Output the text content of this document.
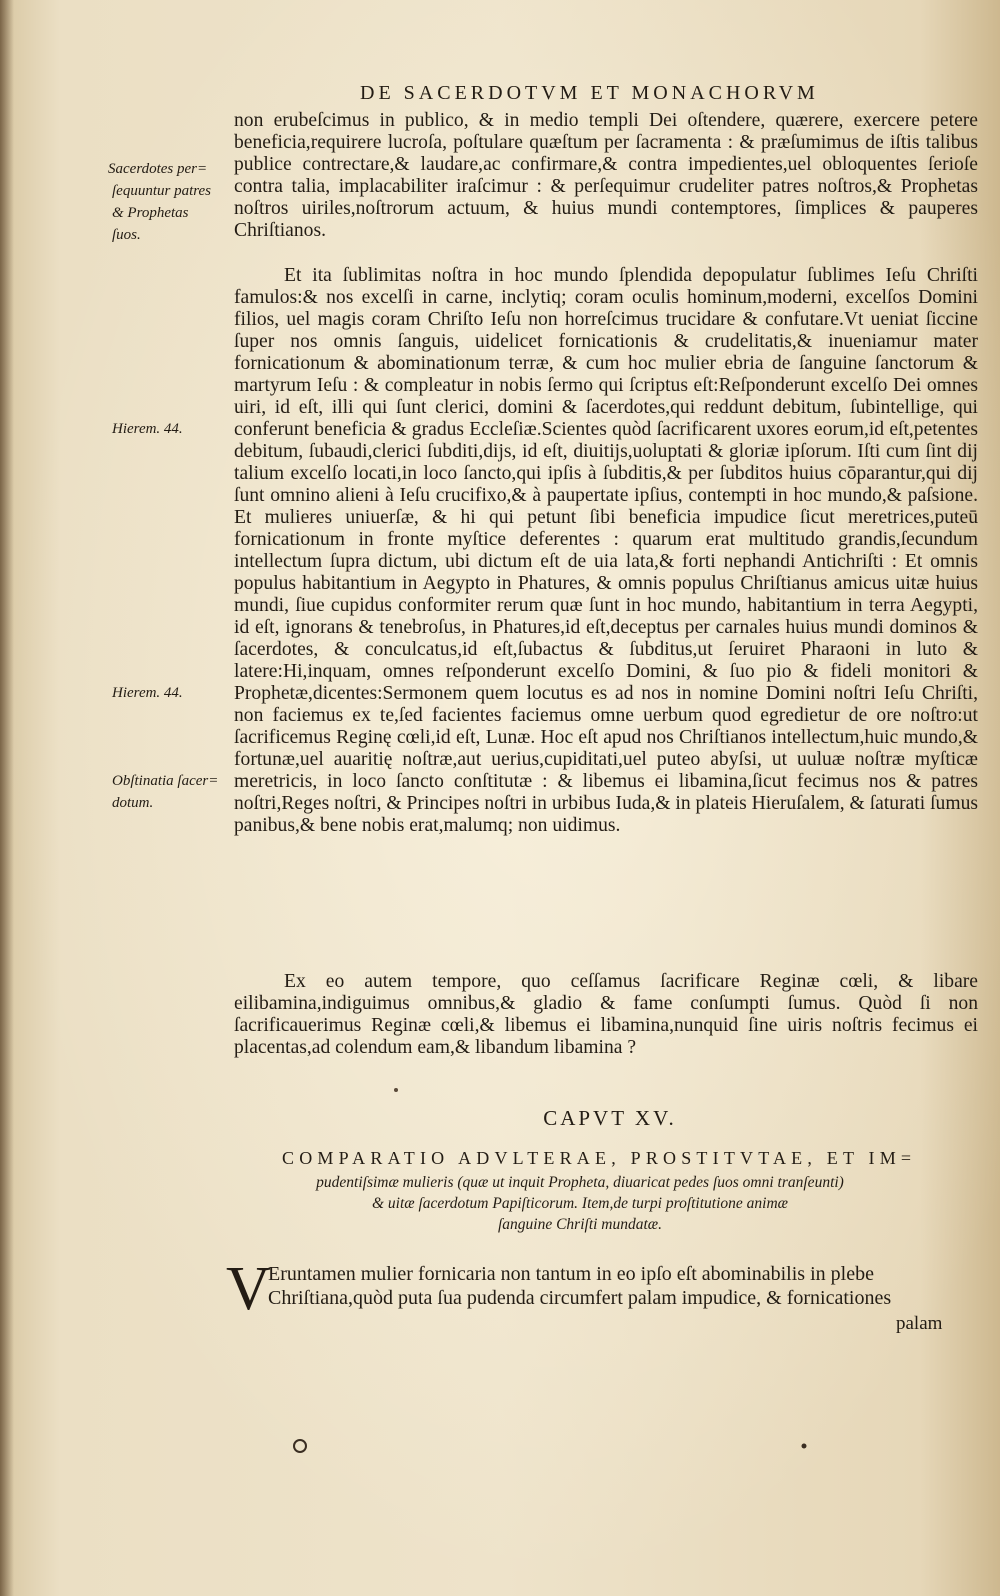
DE SACERDOTVM ET MONACHORVM

non erubeſcimus in publico, & in medio templi Dei oſtendere, quærere, exercere petere beneficia,requirere lucroſa, poſtulare quæſtum per ſacramenta : & præſumimus de iſtis talibus publice contrectare,& laudare,ac confirmare,& contra impedientes,uel obloquentes ſerioſe contra talia, implacabiliter iraſcimur : & perſequimur crudeliter patres noſtros,& Prophetas noſtros uiriles,noſtrorum actuum, & huius mundi contemptores, ſimplices & pauperes Chriſtianos.

Et ita ſublimitas noſtra in hoc mundo ſplendida depopulatur ſublimes Ieſu Chriſti famulos:& nos excelſi in carne, inclytiq; coram oculis hominum,moderni, excelſos Domini filios, uel magis coram Chriſto Ieſu non horreſcimus trucidare & confutare.Vt ueniat ſiccine ſuper nos omnis ſanguis, uidelicet fornicationis & crudelitatis,& inueniamur mater fornicationum & abominationum terræ, & cum hoc mulier ebria de ſanguine ſanctorum & martyrum Ieſu : & compleatur in nobis ſermo qui ſcriptus eſt:Reſponderunt excelſo Dei omnes uiri, id eſt, illi qui ſunt clerici, domini & ſacerdotes,qui reddunt debitum, ſubintellige, qui conferunt beneficia & gradus Eccleſiæ.Scientes quòd ſacrificarent uxores eorum,id eſt,petentes debitum, ſubaudi,clerici ſubditi,dijs, id eſt, diuitijs,uoluptati & gloriæ ipſorum. Iſti cum ſint dij talium excelſo locati,in loco ſancto,qui ipſis à ſubditis,& per ſubditos huius cōparantur,qui dij ſunt omnino alieni à Ieſu crucifixo,& à paupertate ipſius, contempti in hoc mundo,& paſsione. Et mulieres uniuerſæ, & hi qui petunt ſibi beneficia impudice ſicut meretrices,puteū fornicationum in fronte myſtice deferentes : quarum erat multitudo grandis,ſecundum intellectum ſupra dictum, ubi dictum eſt de uia lata,& forti nephandi Antichriſti : Et omnis populus habitantium in Aegypto in Phatures, & omnis populus Chriſtianus amicus uitæ huius mundi, ſiue cupidus conformiter rerum quæ ſunt in hoc mundo, habitantium in terra Aegypti, id eſt, ignorans & tenebroſus, in Phatures,id eſt,deceptus per carnales huius mundi dominos & ſacerdotes, & conculcatus,id eſt,ſubactus & ſubditus,ut ſeruiret Pharaoni in luto & latere:Hi,inquam, omnes reſponderunt excelſo Domini, & ſuo pio & fideli monitori & Prophetæ,dicentes:Sermonem quem locutus es ad nos in nomine Domini noſtri Ieſu Chriſti, non faciemus ex te,ſed facientes faciemus omne uerbum quod egredietur de ore noſtro:ut ſacrificemus Reginę cœli,id eſt, Lunæ. Hoc eſt apud nos Chriſtianos intellectum,huic mundo,& fortunæ,uel auaritię noſtræ,aut uerius,cupiditati,uel puteo abyſsi, ut uuluæ noſtræ myſticæ meretricis, in loco ſancto conſtitutæ : & libemus ei libamina,ſicut fecimus nos & patres noſtri,Reges noſtri, & Principes noſtri in urbibus Iuda,& in plateis Hieruſalem, & ſaturati ſumus panibus,& bene nobis erat,malumq; non uidimus.

Ex eo autem tempore, quo ceſſamus ſacrificare Reginæ cœli, & libare eilibamina,indiguimus omnibus,& gladio & fame conſumpti ſumus. Quòd ſi non ſacrificauerimus Reginæ cœli,& libemus ei libamina,nunquid ſine uiris noſtris fecimus ei placentas,ad colendum eam,& libandum libamina ?

Sacerdotes per=
ſequuntur patres
& Prophetas
ſuos.
Hierem. 44.
Hierem. 44.
Obſtinatia ſacer=
dotum.
CAPVT XV.
COMPARATIO ADVLTERAE, PROSTITVTAE, ET IM=
pudentiſsimæ mulieris (quæ ut inquit Propheta, diuaricat pedes ſuos omni tranſeunti)
& uitæ ſacerdotum Papiſticorum. Item,de turpi proſtitutione animæ
ſanguine Chriſti mundatæ.
V
Eruntamen mulier fornicaria non tantum in eo ipſo eſt abominabilis in plebe
Chriſtiana,quòd puta ſua pudenda circumfert palam impudice, & fornicationes
palam
